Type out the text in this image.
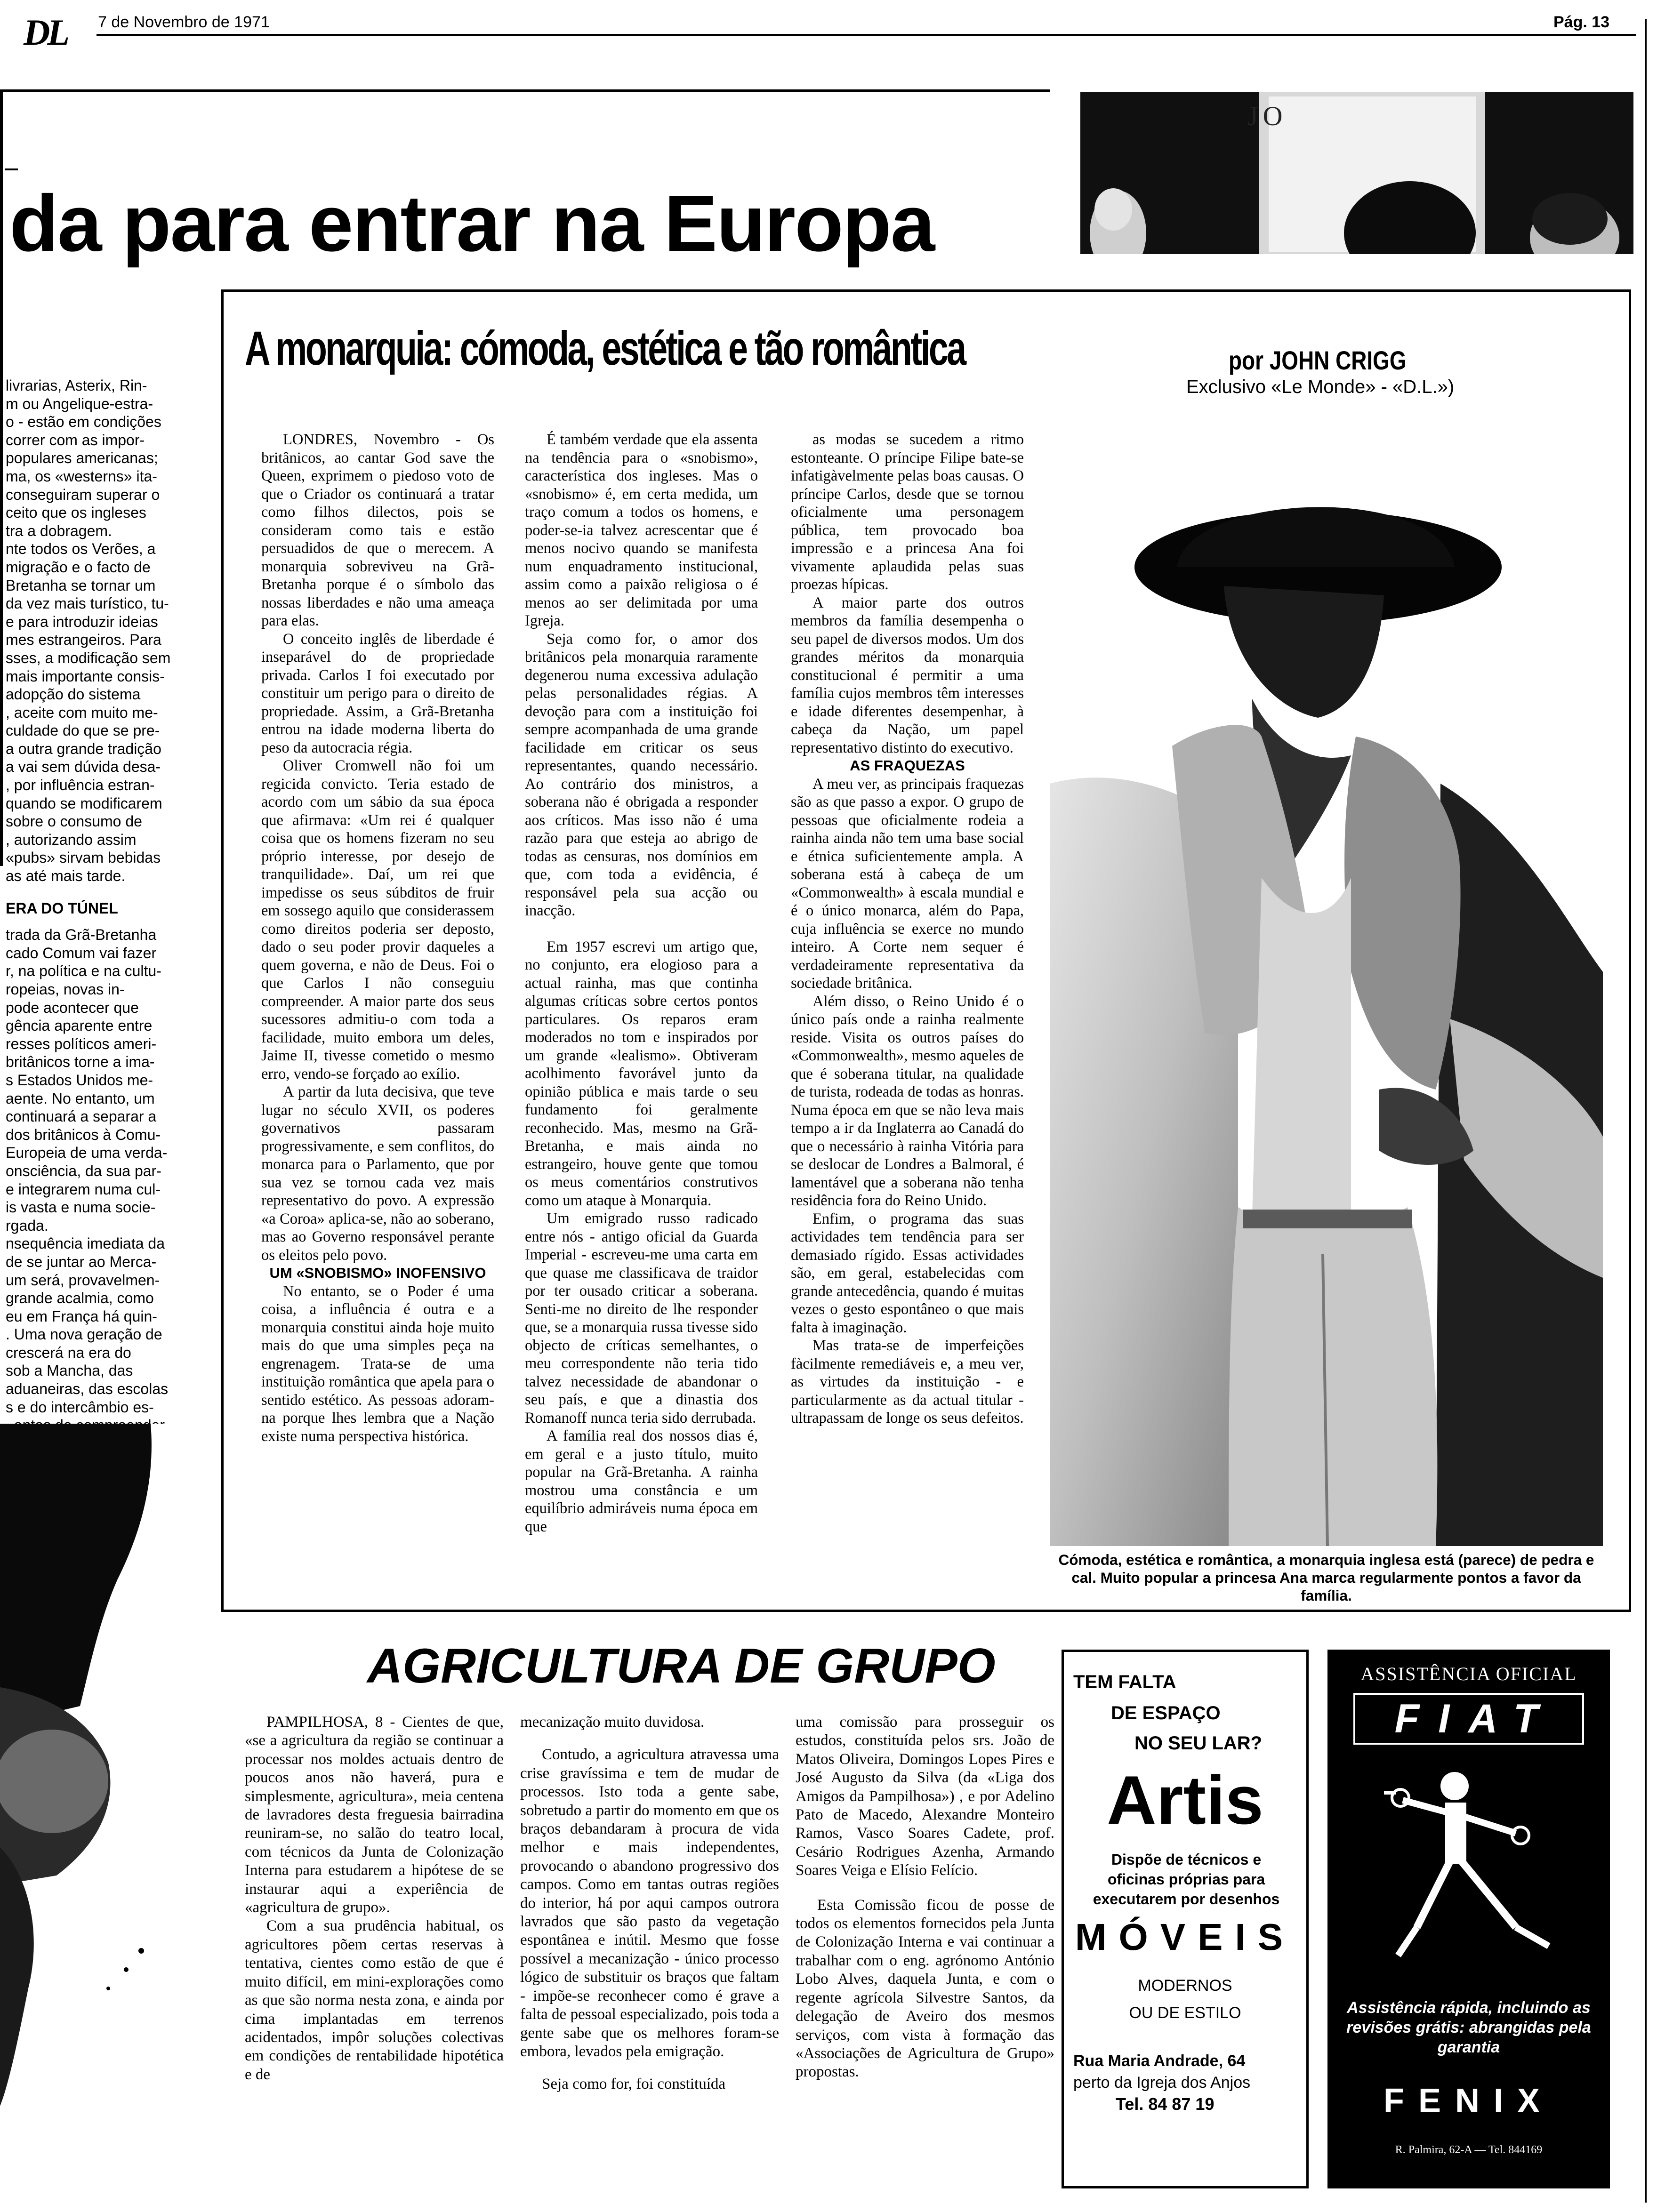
DL 7 de Novembro de 1971	Pág. 13
da para entrar na Europa
JO
livrarias, Asterix, Rin-
m ou Angelique-estra-
o - estão em condições
correr com as impor-
populares americanas;
ma, os «westerns» ita-
conseguiram superar o
ceito que os ingleses
tra a dobragem.
nte todos os Verões, a
migração e o facto de
Bretanha se tornar um
da vez mais turístico, tu-
e para introduzir ideias
mes estrangeiros. Para
sses, a modificação sem
mais importante consis-
adopção do sistema
, aceite com muito me-
culdade do que se pre-
a outra grande tradição
a vai sem dúvida desa-
, por influência estran-
quando se modificarem
sobre o consumo de
, autorizando assim
«pubs» sirvam bebidas
as até mais tarde.
ERA DO TÚNEL
trada da Grã-Bretanha
cado Comum vai fazer
r, na política e na cultu-
ropeias, novas in-
pode acontecer que
gência aparente entre
resses políticos ameri-
britânicos torne a ima-
s Estados Unidos me-
aente. No entanto, um
continuará a separar a
dos britânicos à Comu-
Europeia de uma verda-
onsciência, da sua par-
e integrarem numa cul-
is vasta e numa socie-
rgada.
nsequência imediata da
de se juntar ao Merca-
um será, provavelmen-
grande acalmia, como
eu em França há quin-
. Uma nova geração de
crescerá na era do
sob a Mancha, das
aduaneiras, das escolas
s e do intercâmbio es-
A monarquia: cómoda, estética e tão romântica	por JOHN CRIGG
Exclusivo «Le Monde» - «D.L.»)

LONDRES, Novembro - Os britânicos, ao cantar God save the Queen, exprimem o piedoso voto de que o Criador os continuará a tratar como filhos dilectos, pois se consideram como tais e estão persuadidos de que o merecem. A monarquia sobreviveu na Grã-Bretanha porque é o símbolo das nossas liberdades e não uma ameaça para elas.

O conceito inglês de liberdade é inseparável do de propriedade privada. Carlos I foi executado por constituir um perigo para o direito de propriedade. Assim, a Grã-Bretanha entrou na idade moderna liberta do peso da autocracia régia.

Oliver Cromwell não foi um regicida convicto. Teria estado de acordo com um sábio da sua época que afirmava: «Um rei é qualquer coisa que os homens fizeram no seu próprio interesse, por desejo de tranquilidade». Daí, um rei que impedisse os seus súbditos de fruir em sossego aquilo que considerassem como direitos poderia ser deposto, dado o seu poder provir daqueles a quem governa, e não de Deus. Foi o que Carlos I não conseguiu compreender. A maior parte dos seus sucessores admitiu-o com toda a facilidade, muito embora um deles, Jaime II, tivesse cometido o mesmo erro, vendo-se forçado ao exílio.

A partir da luta decisiva, que teve lugar no século XVII, os poderes governativos passaram progressivamente, e sem conflitos, do monarca para o Parlamento, que por sua vez se tornou cada vez mais representativo do povo. A expressão «a Coroa» aplica-se, não ao soberano, mas ao Governo responsável perante os eleitos pelo povo.

UM «SNOBISMO» INOFENSIVO

No entanto, se o Poder é uma coisa, a influência é outra e a monarquia constitui ainda hoje muito mais do que uma simples peça na engrenagem. Trata-se de uma instituição romântica que apela para o sentido estético. As pessoas adoram-na porque lhes lembra que a Nação existe numa perspectiva histórica.

É também verdade que ela assenta na tendência para o «snobismo», característica dos ingleses. Mas o «snobismo» é, em certa medida, um traço comum a todos os homens, e poder-se-ia talvez acrescentar que é menos nocivo quando se manifesta num enquadramento institucional, assim como a paixão religiosa o é menos ao ser delimitada por uma Igreja.

Seja como for, o amor dos britânicos pela monarquia raramente degenerou numa excessiva adulação pelas personalidades régias. A devoção para com a instituição foi sempre acompanhada de uma grande facilidade em criticar os seus representantes, quando necessário. Ao contrário dos ministros, a soberana não é obrigada a responder aos críticos. Mas isso não é uma razão para que esteja ao abrigo de todas as censuras, nos domínios em que, com toda a evidência, é responsável pela sua acção ou inacção.

Em 1957 escrevi um artigo que, no conjunto, era elogioso para a actual rainha, mas que continha algumas críticas sobre certos pontos particulares. Os reparos eram moderados no tom e inspirados por um grande «lealismo». Obtiveram acolhimento favorável junto da opinião pública e mais tarde o seu fundamento foi geralmente reconhecido. Mas, mesmo na Grã-Bretanha, e mais ainda no estrangeiro, houve gente que tomou os meus comentários construtivos como um ataque à Monarquia.

Um emigrado russo radicado entre nós - antigo oficial da Guarda Imperial - escreveu-me uma carta em que quase me classificava de traidor por ter ousado criticar a soberana. Senti-me no direito de lhe responder que, se a monarquia russa tivesse sido objecto de críticas semelhantes, o meu correspondente não teria tido talvez necessidade de abandonar o seu país, e que a dinastia dos Romanoff nunca teria sido derrubada.

A família real dos nossos dias é, em geral e a justo título, muito popular na Grã-Bretanha. A rainha mostrou uma constância e um equilíbrio admiráveis numa época em que

as modas se sucedem a ritmo estonteante. O príncipe Filipe bate-se infatigàvelmente pelas boas causas. O príncipe Carlos, desde que se tornou oficialmente uma personagem pública, tem provocado boa impressão e a princesa Ana foi vivamente aplaudida pelas suas proezas hípicas.

A maior parte dos outros membros da família desempenha o seu papel de diversos modos. Um dos grandes méritos da monarquia constitucional é permitir a uma família cujos membros têm interesses e idade diferentes desempenhar, à cabeça da Nação, um papel representativo distinto do executivo.

AS FRAQUEZAS

A meu ver, as principais fraquezas são as que passo a expor. O grupo de pessoas que oficialmente rodeia a rainha ainda não tem uma base social e étnica suficientemente ampla. A soberana está à cabeça de um «Commonwealth» à escala mundial e é o único monarca, além do Papa, cuja influência se exerce no mundo inteiro. A Corte nem sequer é verdadeiramente representativa da sociedade britânica.

Além disso, o Reino Unido é o único país onde a rainha realmente reside. Visita os outros países do «Commonwealth», mesmo aqueles de que é soberana titular, na qualidade de turista, rodeada de todas as honras. Numa época em que se não leva mais tempo a ir da Inglaterra ao Canadá do que o necessário à rainha Vitória para se deslocar de Londres a Balmoral, é lamentável que a soberana não tenha residência fora do Reino Unido.

Enfim, o programa das suas actividades tem tendência para ser demasiado rígido. Essas actividades são, em geral, estabelecidas com grande antecedência, quando é muitas vezes o gesto espontâneo o que mais falta à imaginação.

Mas trata-se de imperfeições fàcilmente remediáveis e, a meu ver, as virtudes da instituição - e particularmente as da actual titular - ultrapassam de longe os seus defeitos.

Cómoda, estética e romântica, a monarquia inglesa está (parece) de pedra e cal. Muito popular a princesa Ana marca regularmente pontos a favor da família.
AGRICULTURA DE GRUPO

PAMPILHOSA, 8 - Cientes de que, «se a agricultura da região se continuar a processar nos moldes actuais dentro de poucos anos não haverá, pura e simplesmente, agricultura», meia centena de lavradores desta freguesia bairradina reuniram-se, no salão do teatro local, com técnicos da Junta de Colonização Interna para estudarem a hipótese de se instaurar aqui a experiência de «agricultura de grupo».

Com a sua prudência habitual, os agricultores põem certas reservas à tentativa, cientes como estão de que é muito difícil, em mini-explorações como as que são norma nesta zona, e ainda por cima implantadas em terrenos acidentados, impôr soluções colectivas em condições de rentabilidade hipotética e de

mecanização muito duvidosa.

Contudo, a agricultura atravessa uma crise gravíssima e tem de mudar de processos. Isto toda a gente sabe, sobretudo a partir do momento em que os braços debandaram à procura de vida melhor e mais independentes, provocando o abandono progressivo dos campos. Como em tantas outras regiões do interior, há por aqui campos outrora lavrados que são pasto da vegetação espontânea e inútil. Mesmo que fosse possível a mecanização - único processo lógico de substituir os braços que faltam - impõe-se reconhecer como é grave a falta de pessoal especializado, pois toda a gente sabe que os melhores foram-se embora, levados pela emigração.

Seja como for, foi constituída

uma comissão para prosseguir os estudos, constituída pelos srs. João de Matos Oliveira, Domingos Lopes Pires e José Augusto da Silva (da «Liga dos Amigos da Pampilhosa») , e por Adelino Pato de Macedo, Alexandre Monteiro Ramos, Vasco Soares Cadete, prof. Cesário Rodrigues Azenha, Armando Soares Veiga e Elísio Felício.

Esta Comissão ficou de posse de todos os elementos fornecidos pela Junta de Colonização Interna e vai continuar a trabalhar com o eng. agrónomo António Lobo Alves, daquela Junta, e com o regente agrícola Silvestre Santos, da delegação de Aveiro dos mesmos serviços, com vista à formação das «Associações de Agricultura de Grupo» propostas.

TEM FALTA
DE ESPAÇO
NO SEU LAR?
Artis
Dispõe de técnicos e oficinas próprias para executarem por desenhos
MÓVEIS
MODERNOS
OU DE ESTILO
Rua Maria Andrade, 64
perto da Igreja dos Anjos
Tel. 84 87 19
ASSISTÊNCIA OFICIAL
FIAT
Assistência rápida, incluindo as revisões grátis: abrangidas pela garantia
FENIX
R. Palmira, 62-A — Tel. 844169
